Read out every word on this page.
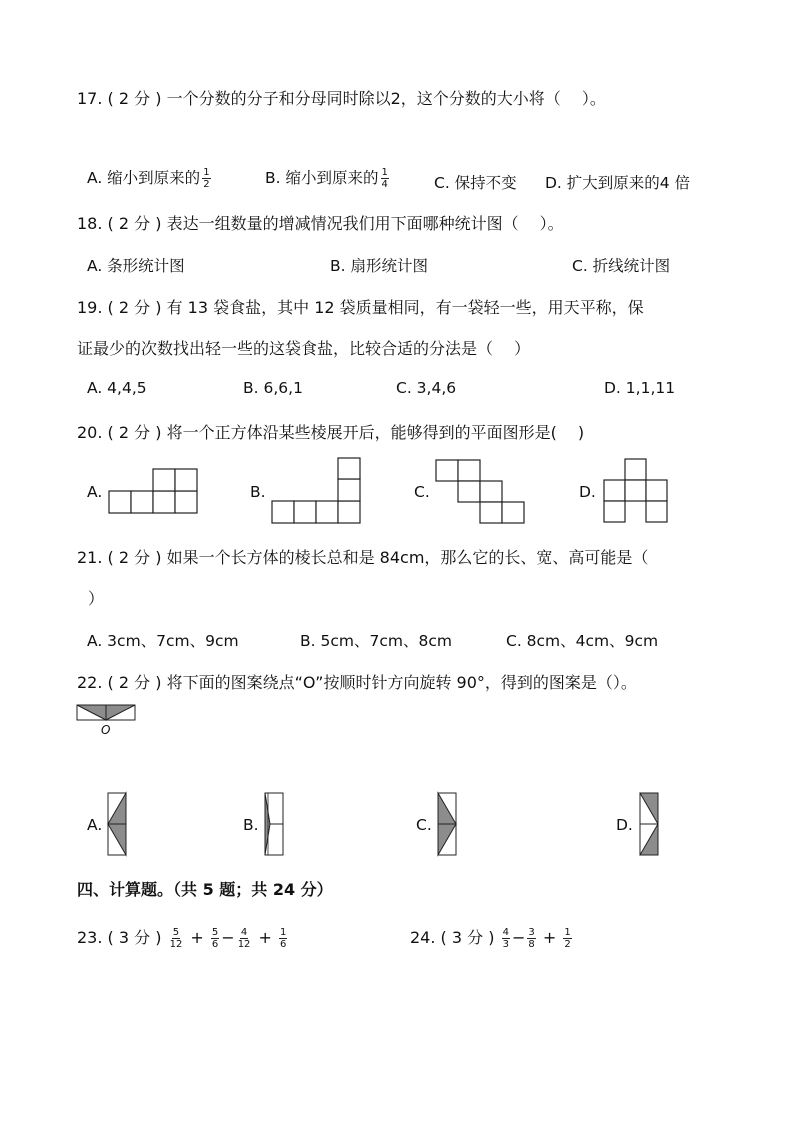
17. ( 2 分 ) 一个分数的分子和分母同时除以2，这个分数的大小将（　 ）。
A. 缩小到原来的 $\frac{1}{2}$	B. 缩小到原来的 $\frac{1}{4}$	C. 保持不变 D. 扩大到原来的4 倍
18. ( 2 分 ) 表达一组数量的增减情况我们用下面哪种统计图（　 ）。
A. 条形统计图	B. 扇形统计图	C. 折线统计图
19. ( 2 分 ) 有 13 袋食盐，其中 12 袋质量相同，有一袋轻一些，用天平称，保
证最少的次数找出轻一些的这袋食盐，比较合适的分法是（　 ）
A. 4,4,5	B. 6,6,1	C. 3,4,6	D. 1,1,11
20. ( 2 分 ) 将一个正方体沿某些棱展开后，能够得到的平面图形是(　 )
A.	B.	C.	D.
21. ( 2 分 ) 如果一个长方体的棱长总和是 84cm，那么它的长、宽、高可能是（
）
A. 3cm、7cm、9cm	B. 5cm、7cm、8cm	C. 8cm、4cm、9cm
22. ( 2 分 ) 将下面的图案绕点“O”按顺时针方向旋转 90°，得到的图案是（）。
O
A.	B.	C.	D.
四、计算题。（共 5 题；共 24 分）
23. ( 3 分 ) $\frac{5}{12} + \frac{5}{6} - \frac{4}{12} + \frac{1}{6}$	24. ( 3 分 ) $\frac{4}{3} - \frac{3}{8} + \frac{1}{2}$
